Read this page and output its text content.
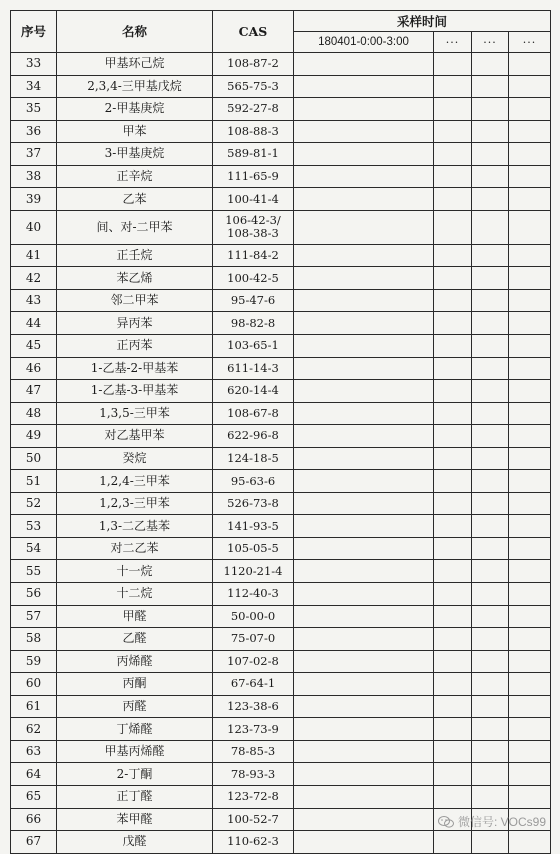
序号	名称	CAS	采样时间			
			180401-0:00-3:00	···	···	···
33	甲基环己烷	108-87-2				
34	2,3,4-三甲基戊烷	565-75-3				
35	2-甲基庚烷	592-27-8				
36	甲苯	108-88-3				
37	3-甲基庚烷	589-81-1				
38	正辛烷	111-65-9				
39	乙苯	100-41-4				
40	间、对-二甲苯	106-42-3/
108-38-3				

41	正壬烷	111-84-2				
42	苯乙烯	100-42-5				
43	邻二甲苯	95-47-6				
44	异丙苯	98-82-8				
45	正丙苯	103-65-1				
46	1-乙基-2-甲基苯	611-14-3				
47	1-乙基-3-甲基苯	620-14-4				
48	1,3,5-三甲苯	108-67-8				
49	对乙基甲苯	622-96-8				
50	癸烷	124-18-5				
51	1,2,4-三甲苯	95-63-6				
52	1,2,3-三甲苯	526-73-8				
53	1,3-二乙基苯	141-93-5				
54	对二乙苯	105-05-5				
55	十一烷	1120-21-4				
56	十二烷	112-40-3				
57	甲醛	50-00-0				
58	乙醛	75-07-0				
59	丙烯醛	107-02-8				
60	丙酮	67-64-1				
61	丙醛	123-38-6				
62	丁烯醛	123-73-9				
63	甲基丙烯醛	78-85-3				
64	2-丁酮	78-93-3				
65	正丁醛	123-72-8				
66	苯甲醛	100-52-7				
67	戊醛	110-62-3				
微信号: VOCs99
